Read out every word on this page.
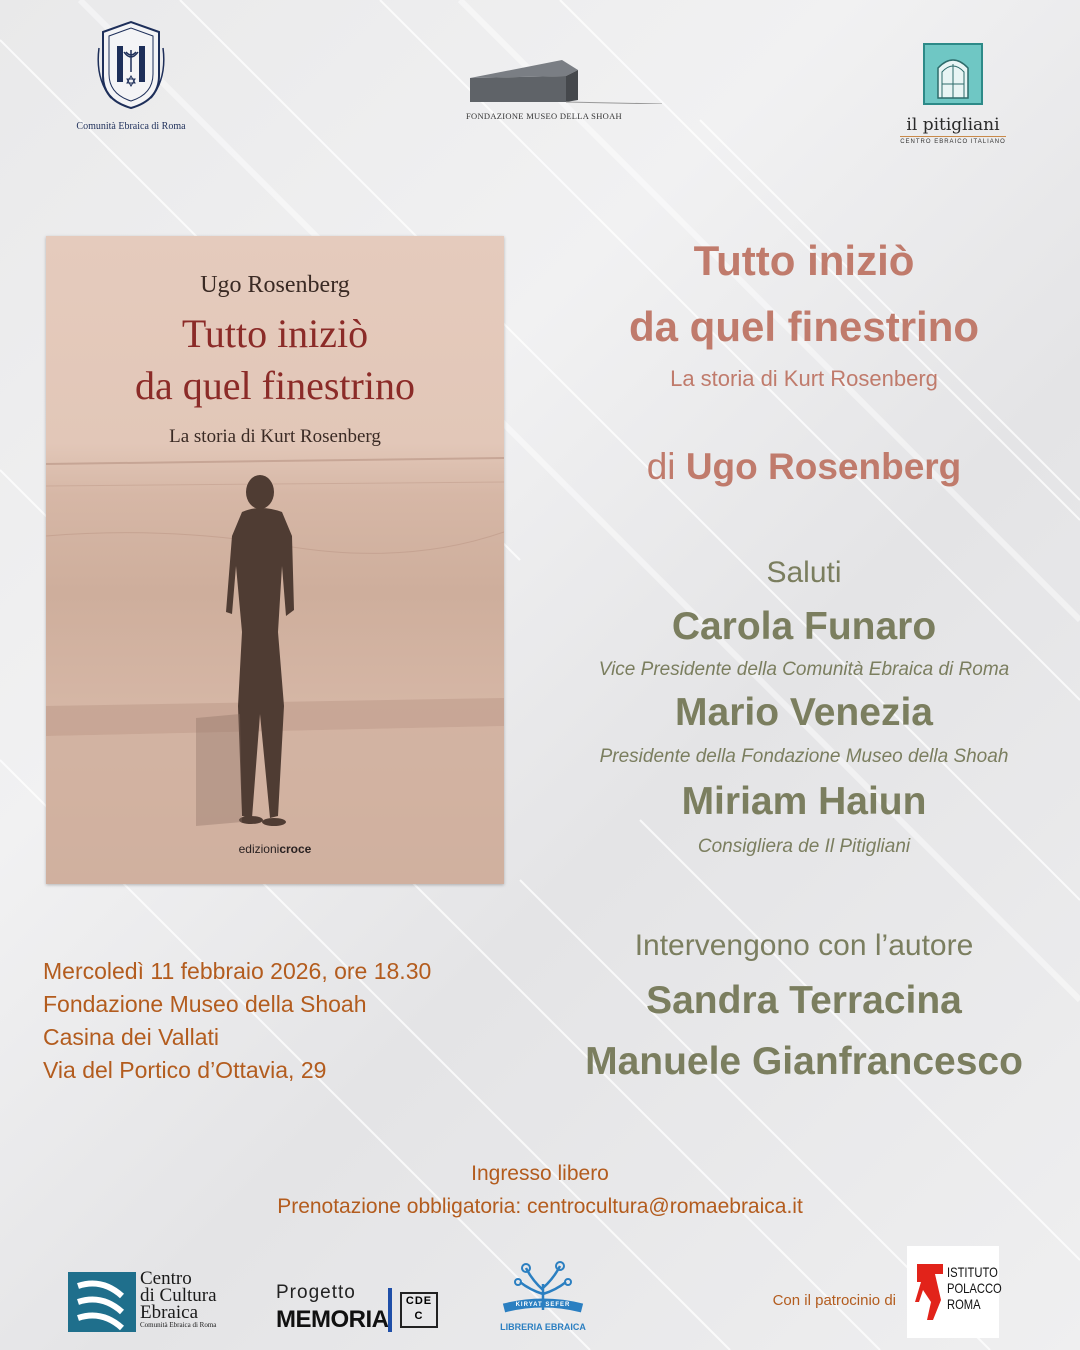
Comunità Ebraica di Roma
FONDAZIONE MUSEO DELLA SHOAH	il pitigliani
CENTRO EBRAICO ITALIANO
Ugo Rosenberg
Tutto iniziò
da quel finestrino
La storia di Kurt Rosenberg
edizionicroce
Tutto iniziò
da quel finestrino
La storia di Kurt Rosenberg
di Ugo Rosenberg
Saluti
Carola Funaro
Vice Presidente della Comunità Ebraica di Roma
Mario Venezia
Presidente della Fondazione Museo della Shoah
Miriam Haiun
Consigliera de Il Pitigliani
Intervengono con l’autore
Sandra Terracina
Manuele Gianfrancesco
Mercoledì 11 febbraio 2026, ore 18.30
Fondazione Museo della Shoah
Casina dei Vallati
Via del Portico d’Ottavia, 29
Ingresso libero
Prenotazione obbligatoria: centrocultura@romaebraica.it
Centro
di Cultura
Ebraica
Comunità Ebraica di Roma
Progetto
MEMORIA
CDEC
KIRYAT SEFER
LIBRERIA EBRAICA
Con il patrocinio di
ISTITUTO
POLACCO
ROMA
